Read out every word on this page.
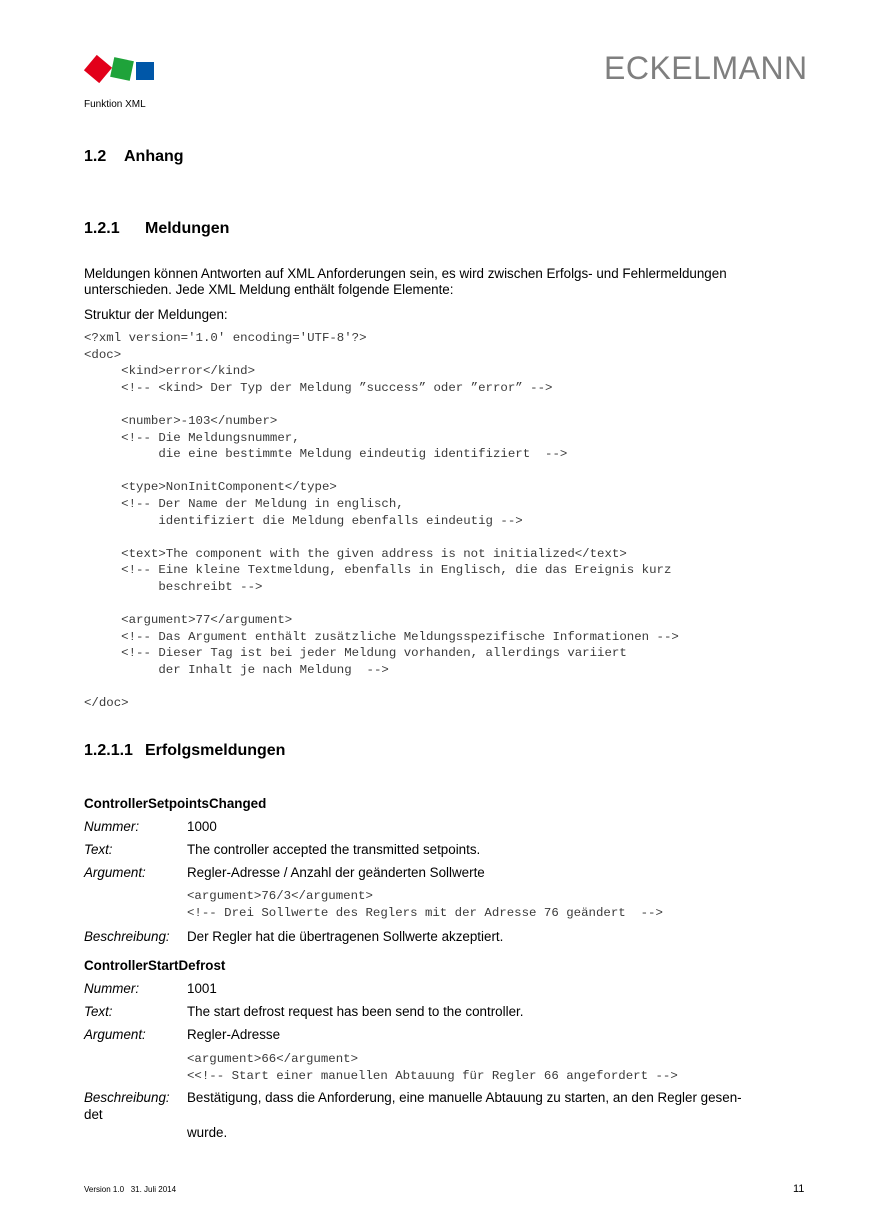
ECKELMANN
Funktion XML
1.2 Anhang
1.2.1 Meldungen
Meldungen können Antworten auf XML Anforderungen sein, es wird zwischen Erfolgs- und Fehlermeldungen
unterschieden. Jede XML Meldung enthält folgende Elemente:
Struktur der Meldungen:
<?xml version='1.0' encoding='UTF-8'?>
<doc>
<kind>error</kind>
<!-- <kind> Der Typ der Meldung ”success” oder ”error” -->
<number>-103</number>
<!-- Die Meldungsnummer,
die eine bestimmte Meldung eindeutig identifiziert  -->
<type>NonInitComponent</type>
<!-- Der Name der Meldung in englisch,
identifiziert die Meldung ebenfalls eindeutig -->
<text>The component with the given address is not initialized</text>
<!-- Eine kleine Textmeldung, ebenfalls in Englisch, die das Ereignis kurz
beschreibt -->
<argument>77</argument>
<!-- Das Argument enthält zusätzliche Meldungsspezifische Informationen -->
<!-- Dieser Tag ist bei jeder Meldung vorhanden, allerdings variiert
der Inhalt je nach Meldung  -->
</doc>
1.2.1.1 Erfolgsmeldungen
ControllerSetpointsChanged
Nummer:	1000
Text:	The controller accepted the transmitted setpoints.
Argument:	Regler-Adresse / Anzahl der geänderten Sollwerte
<argument>76/3</argument>
<!-- Drei Sollwerte des Reglers mit der Adresse 76 geändert  -->
Beschreibung: Der Regler hat die übertragenen Sollwerte akzeptiert.
ControllerStartDefrost
Nummer:	1001
Text:	The start defrost request has been send to the controller.
Argument:	Regler-Adresse
<argument>66</argument>
<<!-- Start einer manuellen Abtauung für Regler 66 angefordert -->
Beschreibung: Bestätigung, dass die Anforderung, eine manuelle Abtauung zu starten, an den Regler gesen-
det
wurde.
Version 1.0   31. Juli 2014	11
